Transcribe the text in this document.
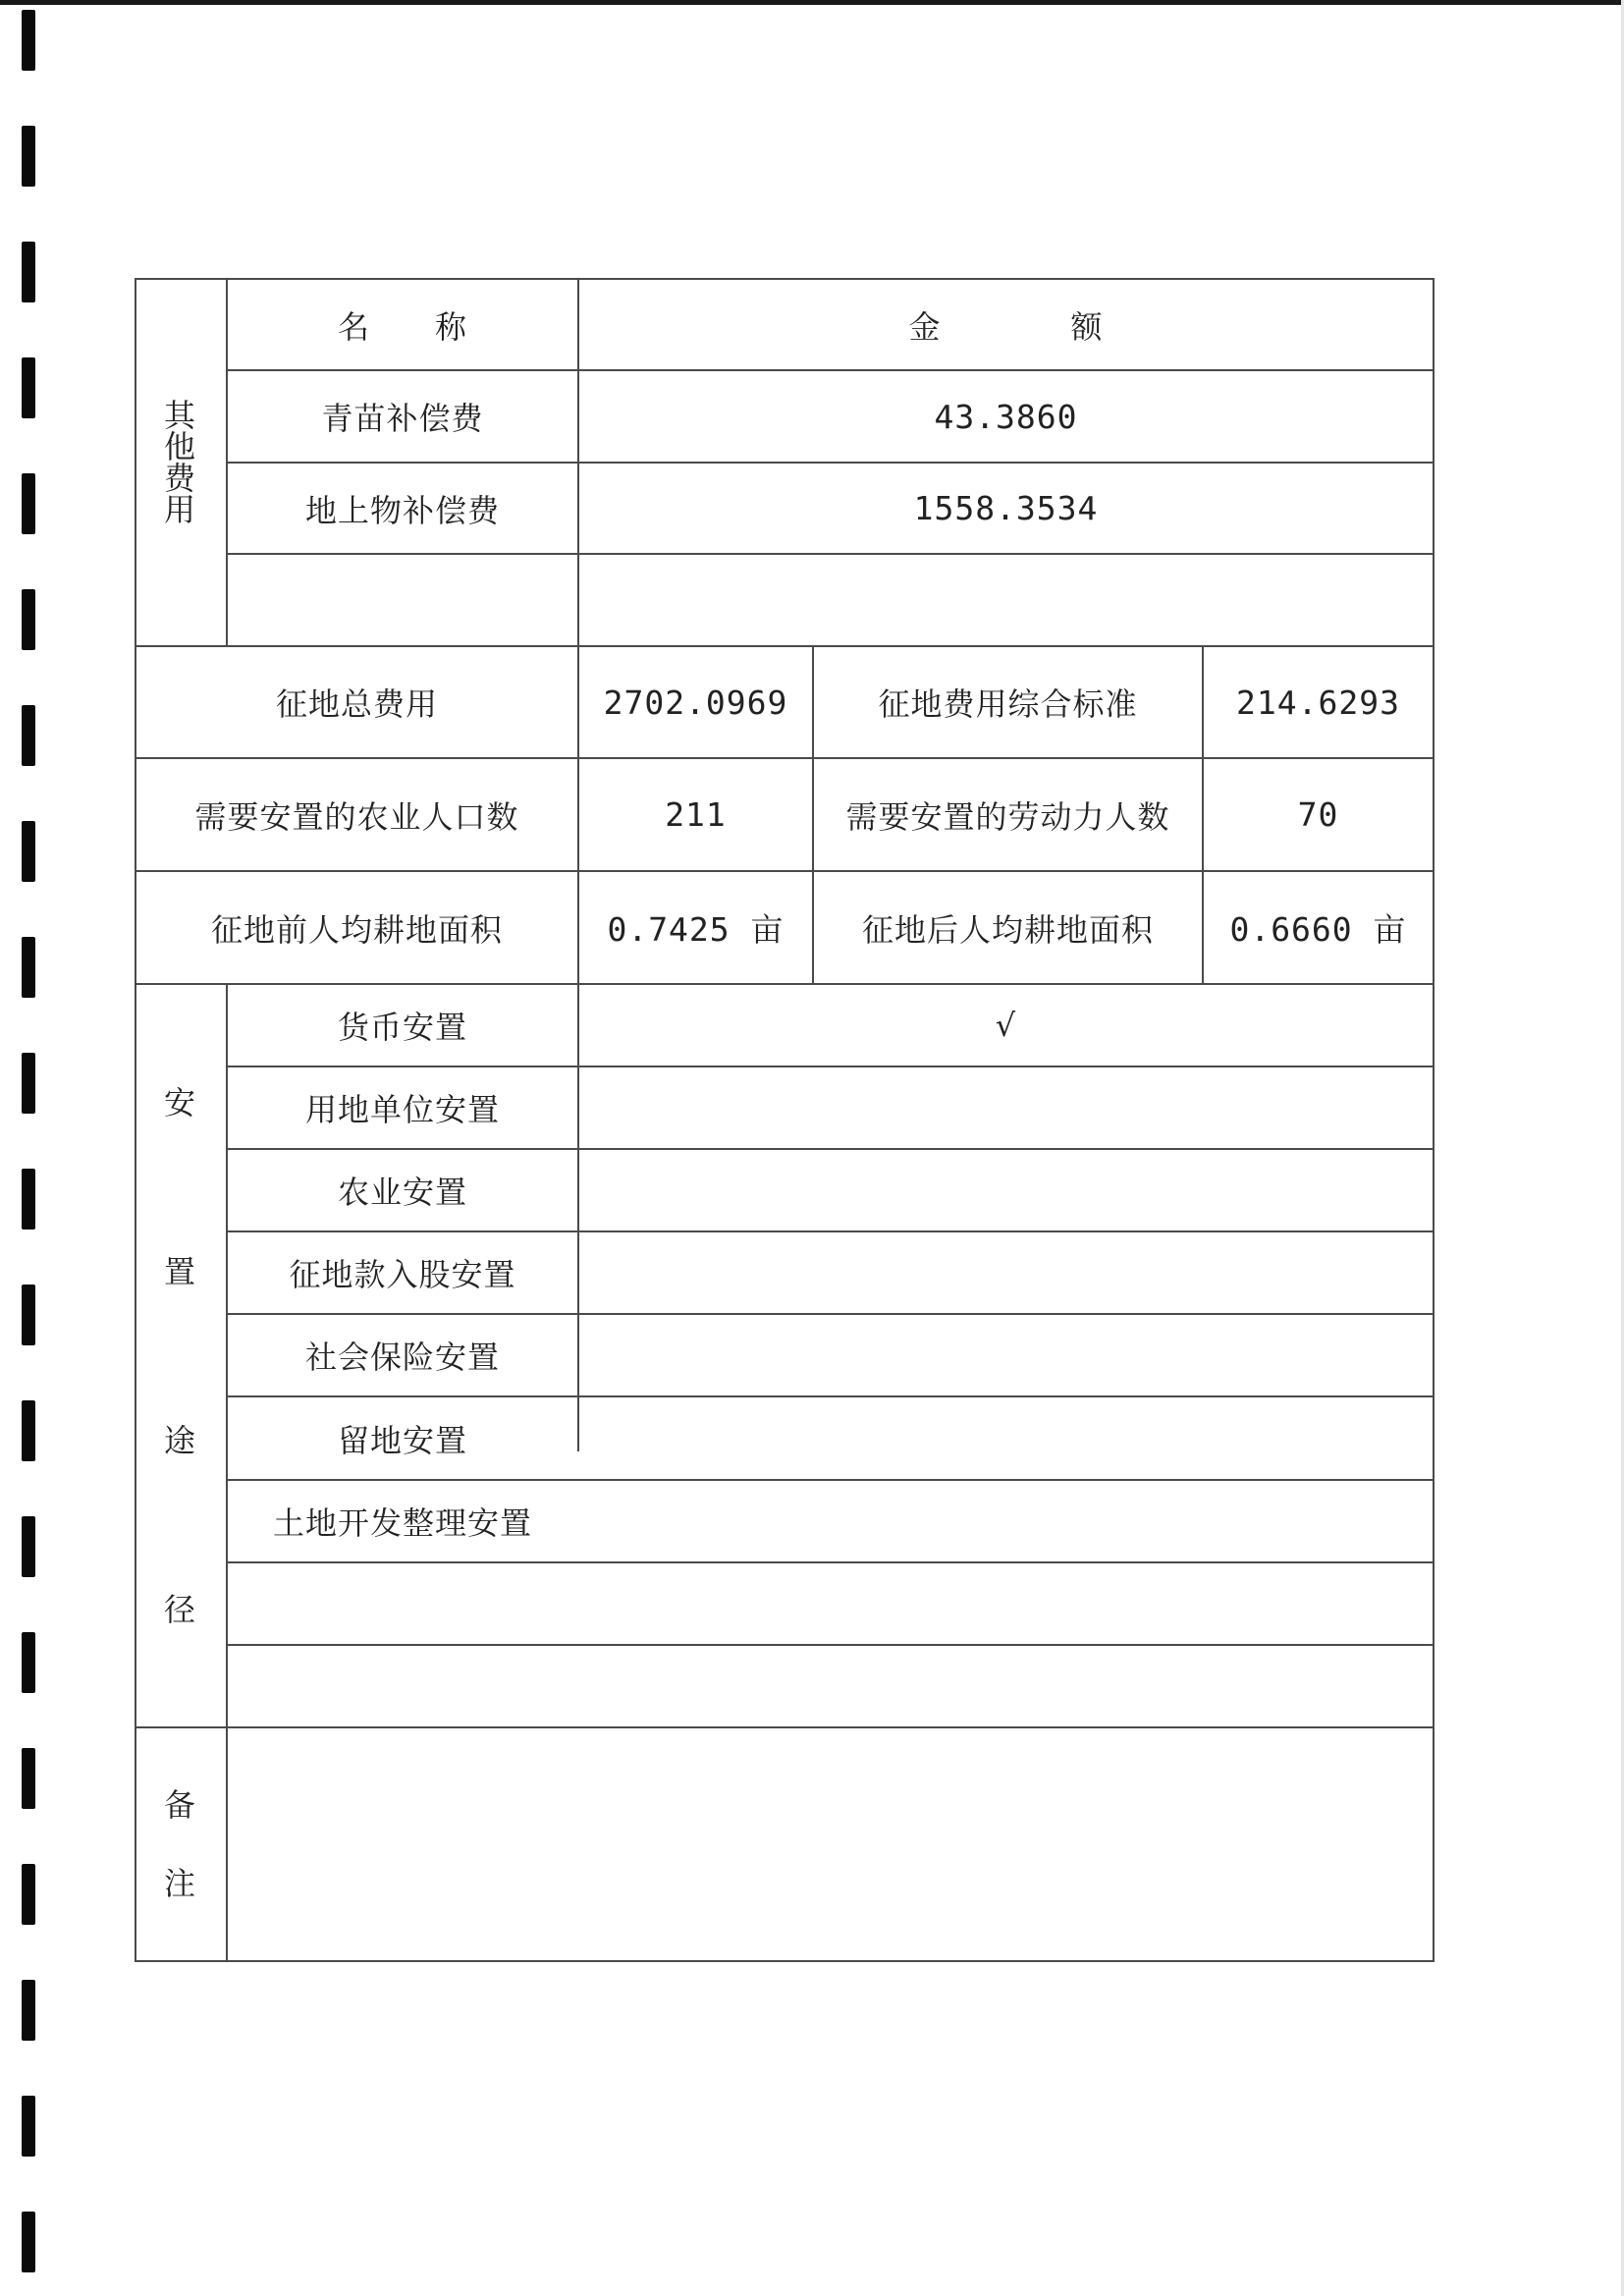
其
他
费
用
名　　称	金　　　　额
青苗补偿费	43.3860
地上物补偿费	1558.3534
征地总费用	2702.0969	征地费用综合标准	214.6293
需要安置的农业人口数	211	需要安置的劳动力人数	70
征地前人均耕地面积	0.7425 亩	征地后人均耕地面积	0.6660 亩
安
置
途
径
货币安置	√
用地单位安置
农业安置
征地款入股安置
社会保险安置
留地安置
土地开发整理安置
备
注
